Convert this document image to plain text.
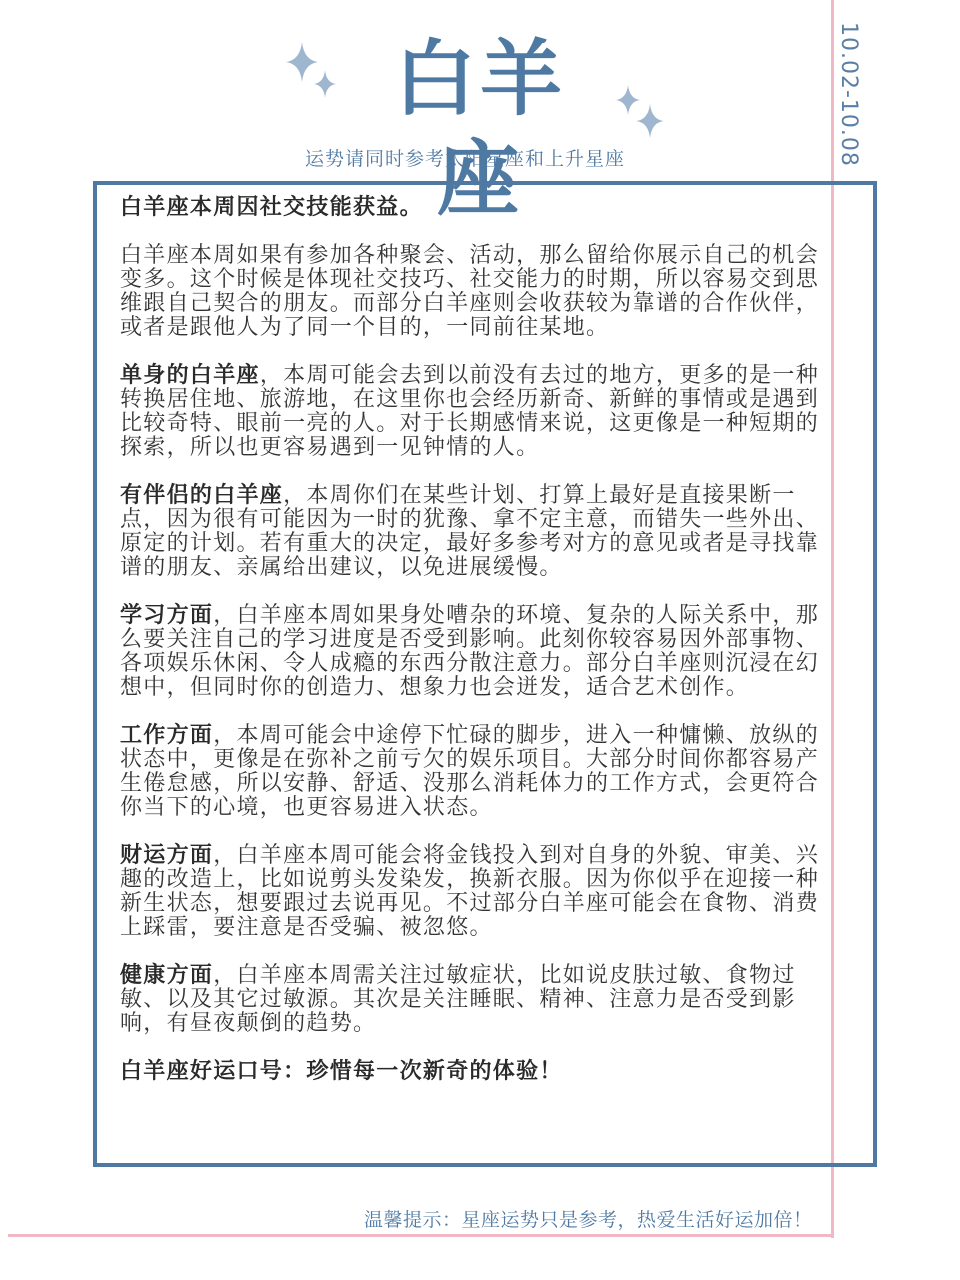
10.02-10.08
白羊座
运势请同时参考太阳星座和上升星座

白羊座本周因社交技能获益。

白羊座本周如果有参加各种聚会、活动，那么留给你展示自己的机会变多。这个时候是体现社交技巧、社交能力的时期，所以容易交到思维跟自己契合的朋友。而部分白羊座则会收获较为靠谱的合作伙伴，或者是跟他人为了同一个目的，一同前往某地。

单身的白羊座，本周可能会去到以前没有去过的地方，更多的是一种转换居住地、旅游地，在这里你也会经历新奇、新鲜的事情或是遇到比较奇特、眼前一亮的人。对于长期感情来说，这更像是一种短期的探索，所以也更容易遇到一见钟情的人。

有伴侣的白羊座，本周你们在某些计划、打算上最好是直接果断一点，因为很有可能因为一时的犹豫、拿不定主意，而错失一些外出、原定的计划。若有重大的决定，最好多参考对方的意见或者是寻找靠谱的朋友、亲属给出建议，以免进展缓慢。

学习方面，白羊座本周如果身处嘈杂的环境、复杂的人际关系中，那么要关注自己的学习进度是否受到影响。此刻你较容易因外部事物、各项娱乐休闲、令人成瘾的东西分散注意力。部分白羊座则沉浸在幻想中，但同时你的创造力、想象力也会迸发，适合艺术创作。

工作方面，本周可能会中途停下忙碌的脚步，进入一种慵懒、放纵的状态中，更像是在弥补之前亏欠的娱乐项目。大部分时间你都容易产生倦怠感，所以安静、舒适、没那么消耗体力的工作方式，会更符合你当下的心境，也更容易进入状态。

财运方面，白羊座本周可能会将金钱投入到对自身的外貌、审美、兴趣的改造上，比如说剪头发染发，换新衣服。因为你似乎在迎接一种新生状态，想要跟过去说再见。不过部分白羊座可能会在食物、消费上踩雷，要注意是否受骗、被忽悠。

健康方面，白羊座本周需关注过敏症状，比如说皮肤过敏、食物过敏、以及其它过敏源。其次是关注睡眠、精神、注意力是否受到影响，有昼夜颠倒的趋势。

白羊座好运口号：珍惜每一次新奇的体验！

温馨提示：星座运势只是参考，热爱生活好运加倍！
